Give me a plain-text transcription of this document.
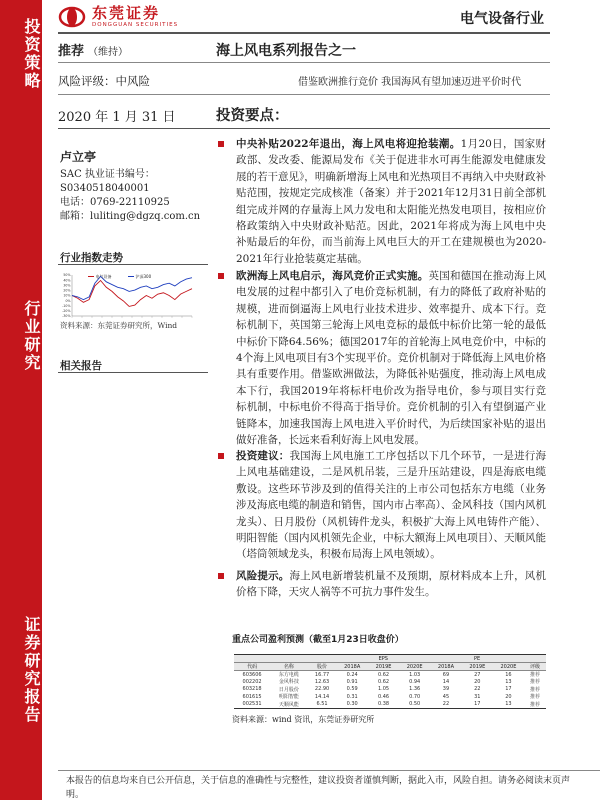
投资策略
行业研究
证券研究报告
东莞证券
DONGGUAN SECURITIES	电气设备行业
推荐 （维持）	海上风电系列报告之一
风险评级：中风险	借鉴欧洲推行竞价 我国海风有望加速迈进平价时代
2020 年 1 月 31 日	投资要点：
卢立亭
SAC 执业证书编号：
S0340518040001
电话：0769-22110925
邮箱：luliting@dgzq.com.cn
行业指数走势
50%
40%
30%
20%
10%
0%
-10%
-20%
-30%
电气设备	沪深300
资料来源：东莞证券研究所，Wind
相关报告
中央补贴2022年退出，海上风电将迎抢装潮。1月20日，国家财政部、发改委、能源局发布《关于促进非水可再生能源发电健康发展的若干意见》，明确新增海上风电和光热项目不再纳入中央财政补贴范围，按规定完成核准（备案）并于2021年12月31日前全部机组完成并网的存量海上风力发电和太阳能光热发电项目，按相应价格政策纳入中央财政补贴范。因此，2021年将成为海上风电中央补贴最后的年份，而当前海上风电巨大的开工在建规模也为2020-2021年行业抢装奠定基础。
欧洲海上风电启示，海风竞价正式实施。英国和德国在推动海上风电发展的过程中都引入了电价竞标机制，有力的降低了政府补贴的规模，进而倒逼海上风电行业技术进步、效率提升、成本下行。竞标机制下，英国第三轮海上风电竞标的最低中标价比第一轮的最低中标价下降64.56%；德国2017年的首轮海上风电竞价中，中标的4个海上风电项目有3个实现平价。竞价机制对于降低海上风电价格具有重要作用。借鉴欧洲做法，为降低补贴强度，推动海上风电成本下行，我国2019年将标杆电价改为指导电价，参与项目实行竞标机制，中标电价不得高于指导价。竞价机制的引入有望倒逼产业链降本，加速我国海上风电进入平价时代，为后续国家补贴的退出做好准备，长远来看利好海上风电发展。
投资建议：我国海上风电施工工序包括以下几个环节，一是进行海上风电基础建设，二是风机吊装，三是升压站建设，四是海底电缆敷设。这些环节涉及到的值得关注的上市公司包括东方电缆（业务涉及海底电缆的制造和销售，国内市占率高）、金风科技（国内风机龙头）、日月股份（风机铸件龙头，积极扩大海上风电铸件产能）、明阳智能（国内风机领先企业，中标大额海上风电项目）、天顺风能（塔筒领域龙头，积极布局海上风电领域）。
风险提示。海上风电新增装机量不及预期，原材料成本上升，风机价格下降，天灾人祸等不可抗力事件发生。
重点公司盈利预测（截至1月23日收盘价）
			EPS			PE			
代码	名称	股价	2018A	2019E	2020E	2018A	2019E	2020E	评级
603606	东方电缆	16.77	0.24	0.62	1.03	69	27	16	推荐
002202	金风科技	12.63	0.91	0.62	0.94	14	20	13	推荐
603218	日月股份	22.90	0.59	1.05	1.36	39	22	17	推荐
601615	明阳智能	14.14	0.31	0.46	0.70	45	31	20	推荐
002531	天顺风能	6.51	0.30	0.38	0.50	22	17	13	推荐
资料来源：wind 资讯，东莞证券研究所
本报告的信息均来自已公开信息，关于信息的准确性与完整性，建议投资者谨慎判断，据此入市，风险自担。请务必阅读末页声明。
